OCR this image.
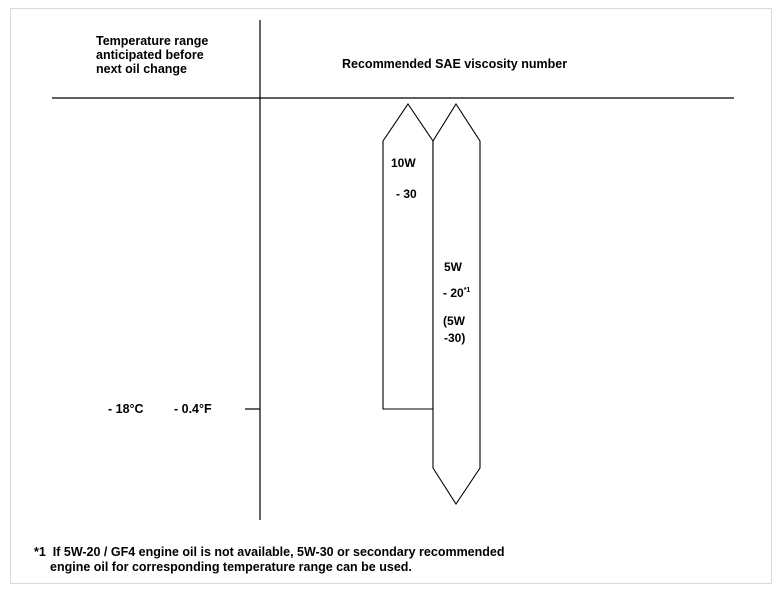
Temperature range
anticipated before
next oil change	Recommended SAE viscosity number
- 18°C - 0.4°F
10W
- 30
5W
- 20$^{*1}$
(5W
-30)
*1 If 5W-20 / GF4 engine oil is not available, 5W-30 or secondary recommended
engine oil for corresponding temperature range can be used.
